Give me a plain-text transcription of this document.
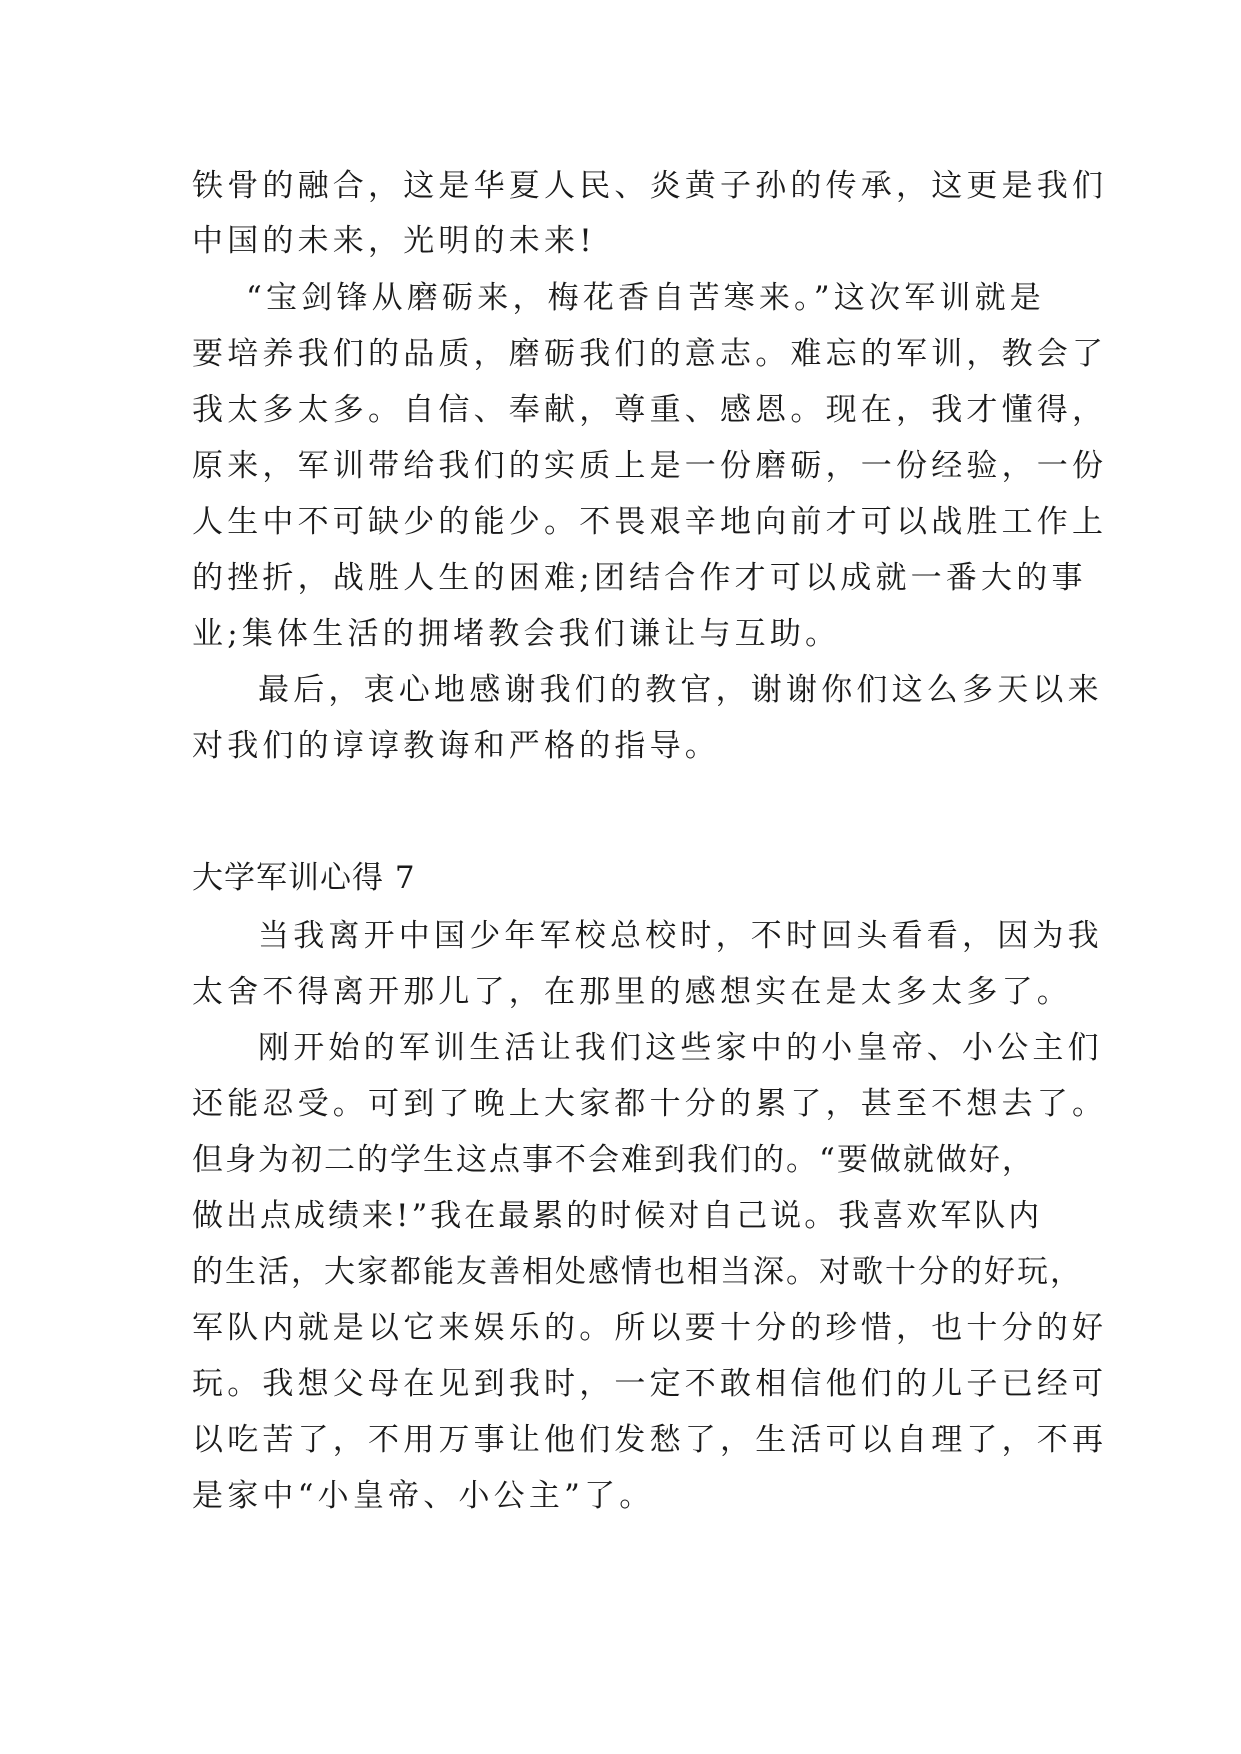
铁骨的融合，这是华夏人民、炎黄子孙的传承，这更是我们
中国的未来，光明的未来!
“宝剑锋从磨砺来，梅花香自苦寒来。”这次军训就是
要培养我们的品质，磨砺我们的意志。难忘的军训，教会了
我太多太多。自信、奉献，尊重、感恩。现在，我才懂得，
原来，军训带给我们的实质上是一份磨砺，一份经验，一份
人生中不可缺少的能少。不畏艰辛地向前才可以战胜工作上
的挫折，战胜人生的困难;团结合作才可以成就一番大的事
业;集体生活的拥堵教会我们谦让与互助。
最后，衷心地感谢我们的教官，谢谢你们这么多天以来
对我们的谆谆教诲和严格的指导。
大学军训心得 7
当我离开中国少年军校总校时，不时回头看看，因为我
太舍不得离开那儿了，在那里的感想实在是太多太多了。
刚开始的军训生活让我们这些家中的小皇帝、小公主们
还能忍受。可到了晚上大家都十分的累了，甚至不想去了。
但身为初二的学生这点事不会难到我们的。“要做就做好，
做出点成绩来!”我在最累的时候对自己说。我喜欢军队内
的生活，大家都能友善相处感情也相当深。对歌十分的好玩，
军队内就是以它来娱乐的。所以要十分的珍惜，也十分的好
玩。我想父母在见到我时，一定不敢相信他们的儿子已经可
以吃苦了，不用万事让他们发愁了，生活可以自理了，不再
是家中“小皇帝、小公主”了。
